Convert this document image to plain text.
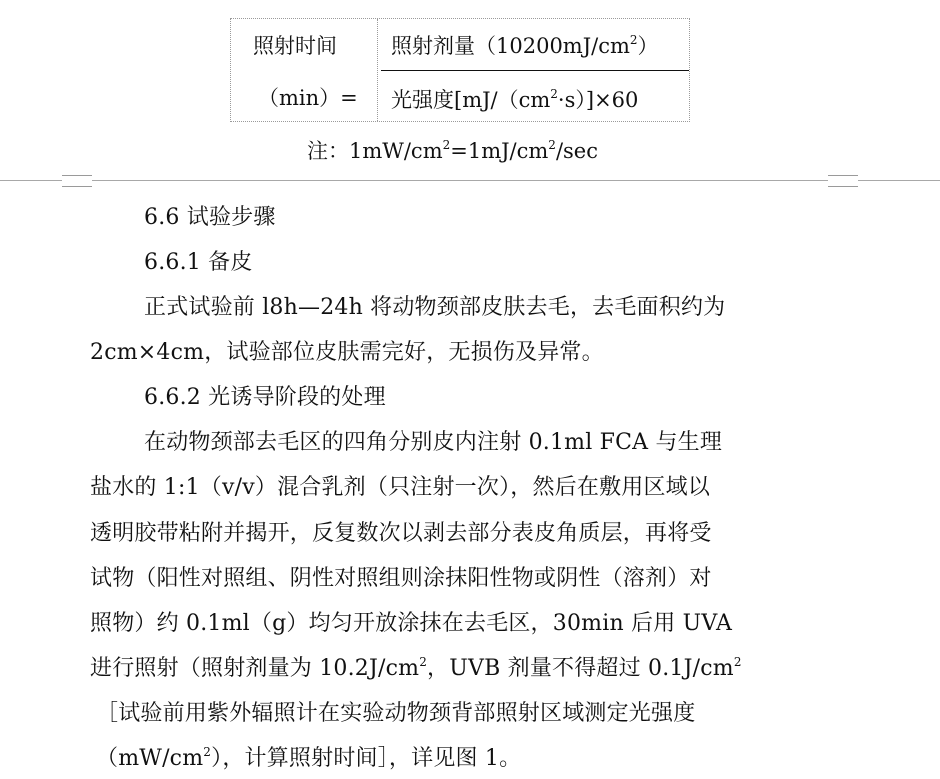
照射时间
（min）=
照射剂量$(10200mJ/cm^2)$
光强度$[mJ/(cm^2\cdot s)]\times 60$
注：$1mW/cm^2=1mJ/cm^2/\sec$
6.6 试验步骤
6.6.1 备皮
正式试验前 l8h—24h 将动物颈部皮肤去毛，去毛面积约为
2cm×4cm，试验部位皮肤需完好，无损伤及异常。
6.6.2 光诱导阶段的处理
在动物颈部去毛区的四角分别皮内注射 0.1ml FCA 与生理
盐水的 1:1（v/v）混合乳剂（只注射一次），然后在敷用区域以
透明胶带粘附并揭开，反复数次以剥去部分表皮角质层，再将受
试物（阳性对照组、阴性对照组则涂抹阳性物或阴性（溶剂）对
照物）约 0.1ml（g）均匀开放涂抹在去毛区，30min 后用 UVA
进行照射（照射剂量为 $10.2J/cm^2$，UVB 剂量不得超过 $0.1J/cm^2$
［试验前用紫外辐照计在实验动物颈背部照射区域测定光强度
$(mW/cm^2)$，计算照射时间］，详见图 1。
